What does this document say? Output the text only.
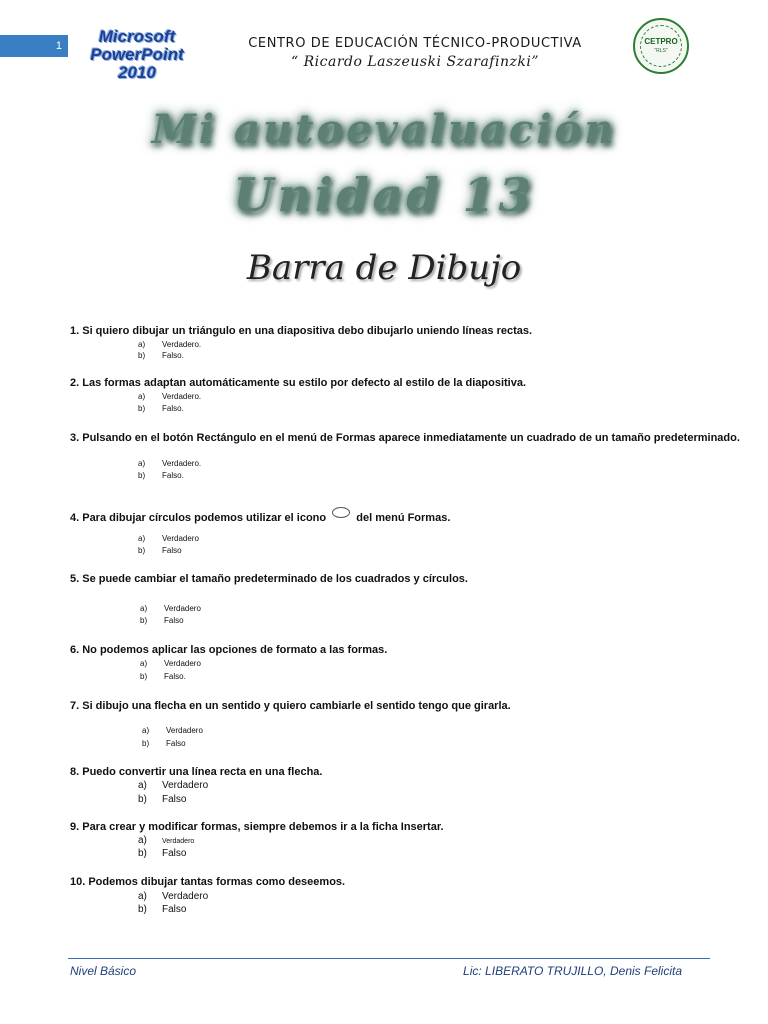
1	Microsoft
PowerPoint 2010
CENTRO DE EDUCACIÓN TÉCNICO-PRODUCTIVA
“ Ricardo Laszeuski Szarafinzki”
CETPRO
"RLS"
Mi autoevaluación
Unidad 13
Barra de Dibujo
1. Si quiero dibujar un triángulo en una diapositiva debo dibujarlo uniendo líneas rectas.
a) Verdadero.
b) Falso.
2. Las formas adaptan automáticamente su estilo por defecto al estilo de la diapositiva.
a) Verdadero.
b) Falso.
3. Pulsando en el botón Rectángulo en el menú de Formas aparece inmediatamente un cuadrado de un tamaño predeterminado.
a) Verdadero.
b) Falso.
4. Para dibujar círculos podemos utilizar el icono	del menú Formas.
a) Verdadero
b) Falso
5. Se puede cambiar el tamaño predeterminado de los cuadrados y círculos.
a) Verdadero
b) Falso
6. No podemos aplicar las opciones de formato a las formas.
a) Verdadero
b) Falso.
7. Si dibujo una flecha en un sentido y quiero cambiarle el sentido tengo que girarla.
a) Verdadero
b) Falso
8. Puedo convertir una línea recta en una flecha.
a) Verdadero
b) Falso
9. Para crear y modificar formas, siempre debemos ir a la ficha Insertar.
a) Verdadero
b) Falso
10. Podemos dibujar tantas formas como deseemos.
a) Verdadero
b) Falso
Nivel Básico	Lic: LIBERATO TRUJILLO, Denis Felicita
